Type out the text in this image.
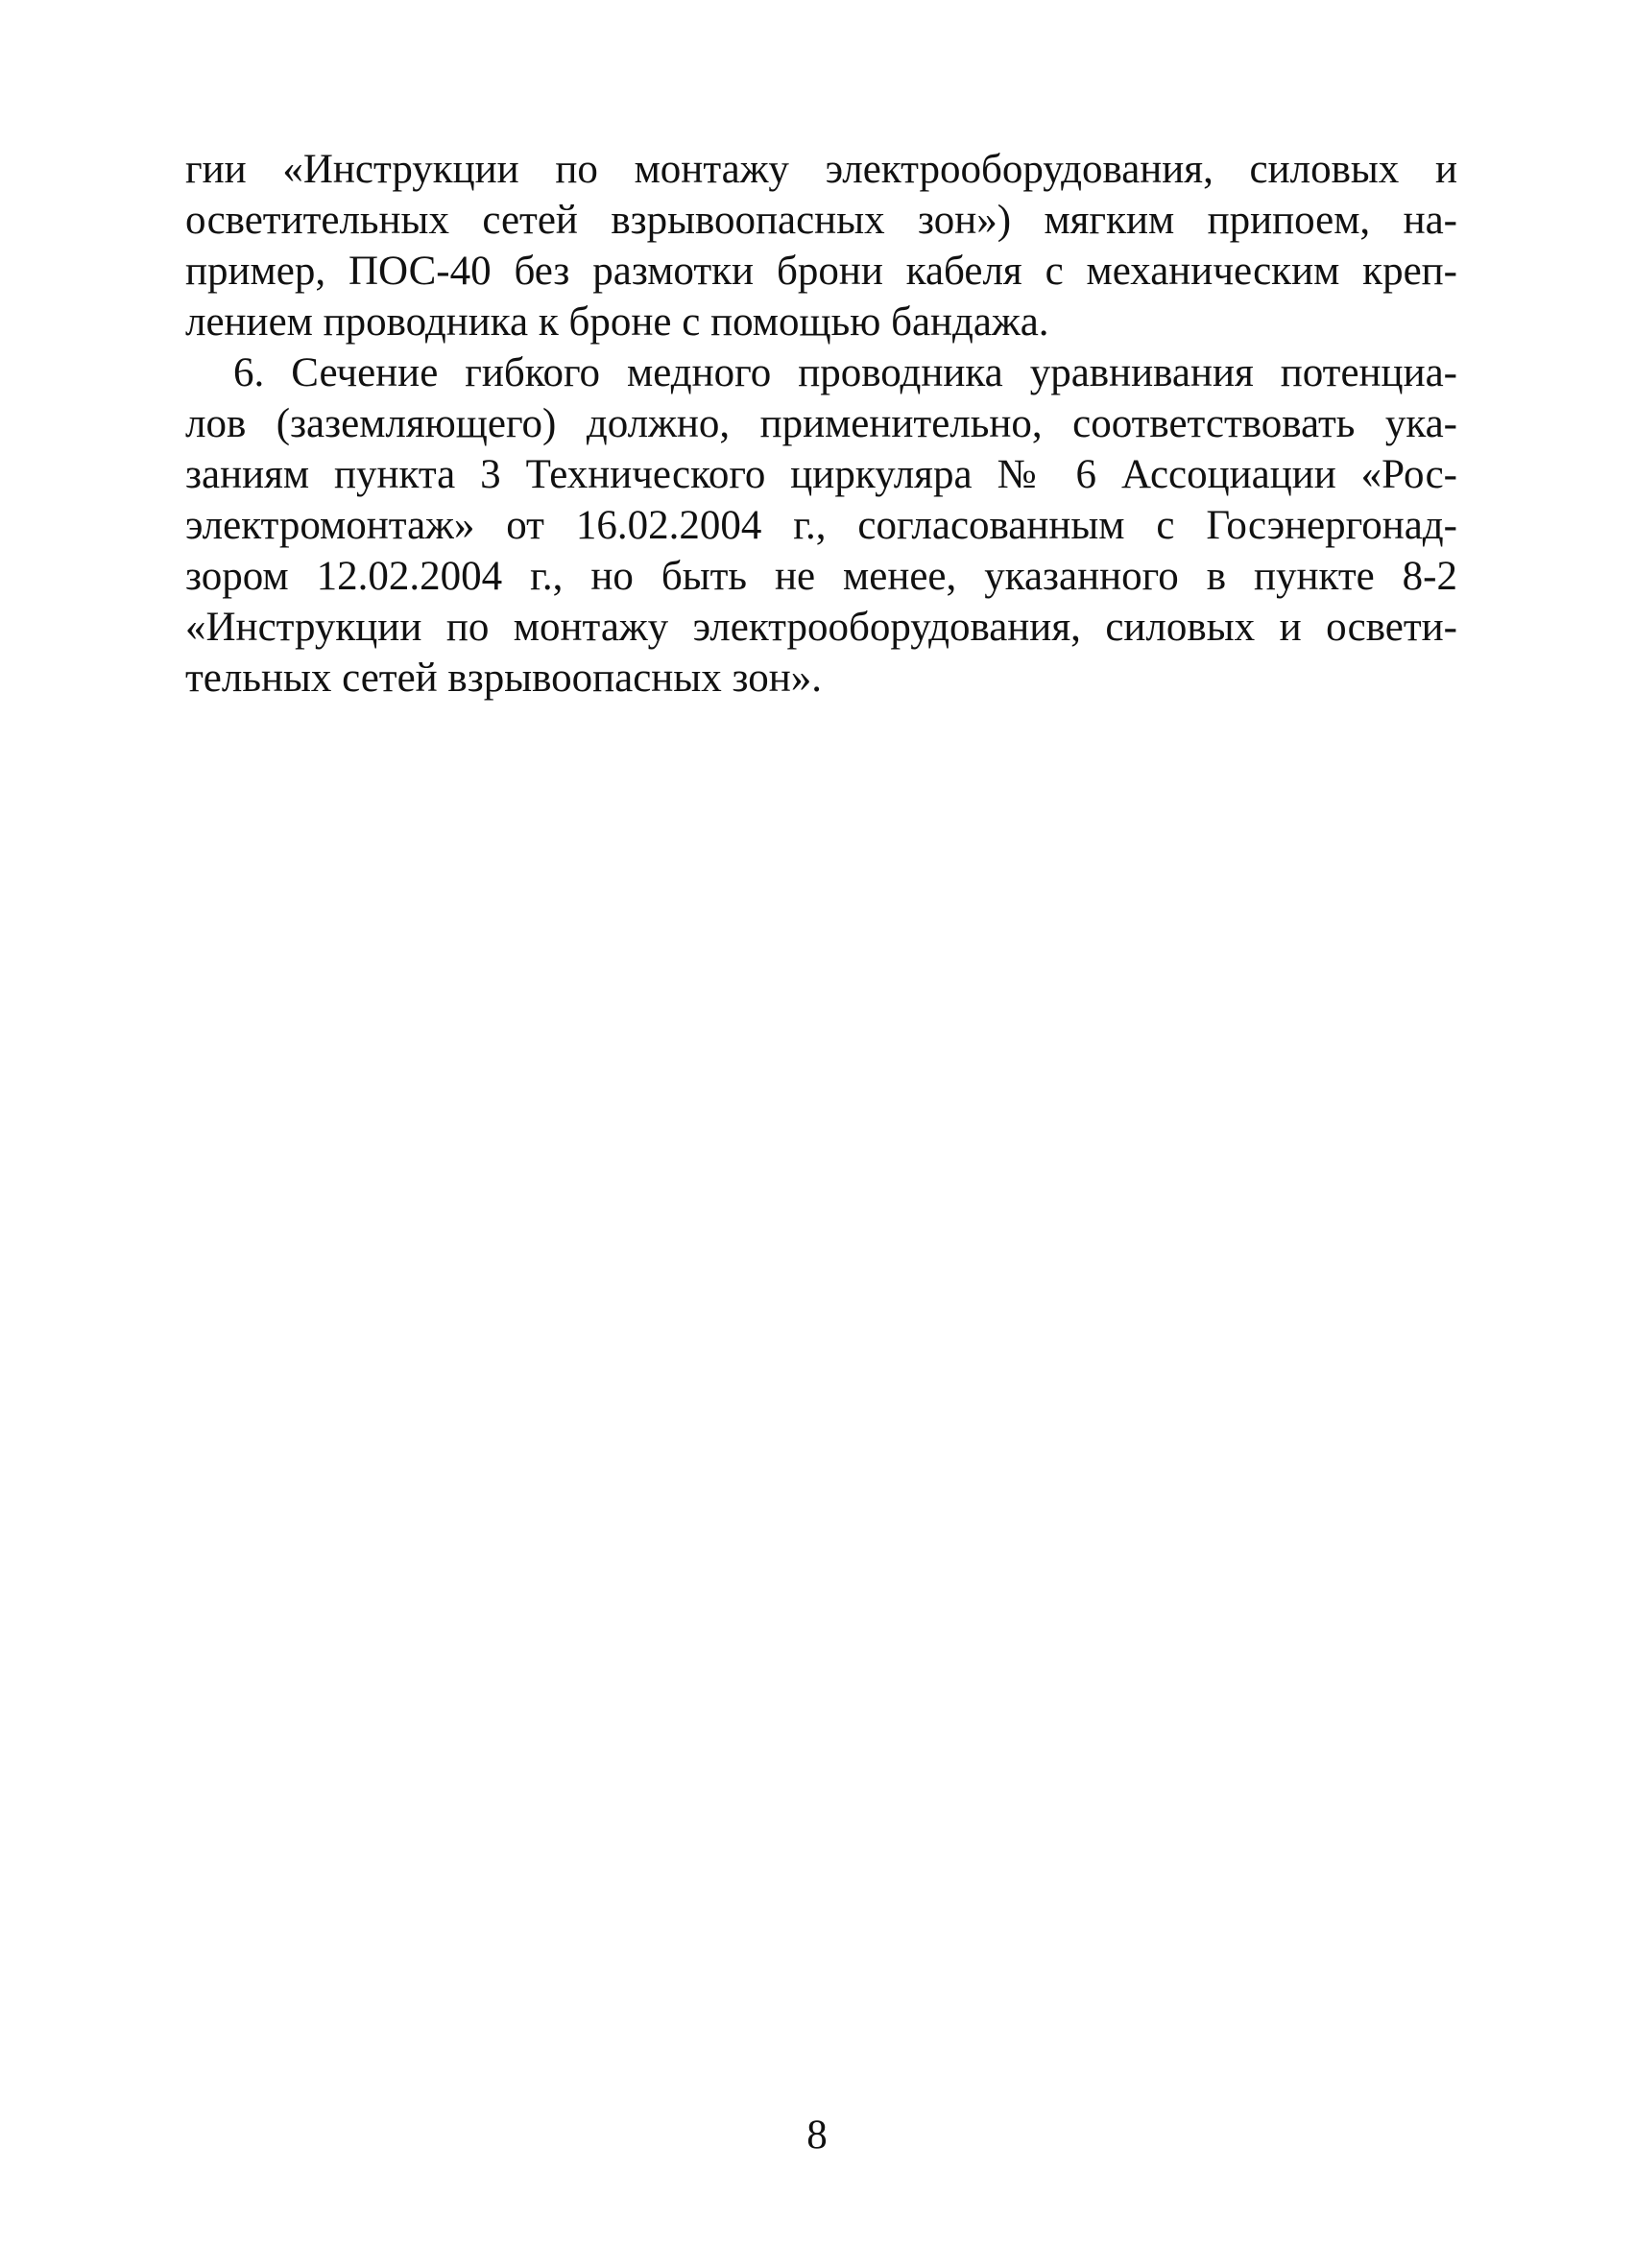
гии «Инструкции по монтажу электрооборудования, силовых и
осветительных сетей взрывоопасных зон») мягким припоем, на-
пример, ПОС-40 без размотки брони кабеля с механическим креп-
лением проводника к броне с помощью бандажа.
6. Сечение гибкого медного проводника уравнивания потенциа-
лов (заземляющего) должно, применительно, соответствовать ука-
заниям пункта 3 Технического циркуляра № 6 Ассоциации «Рос-
электромонтаж» от 16.02.2004 г., согласованным с Госэнергонад-
зором 12.02.2004 г., но быть не менее, указанного в пункте 8-2
«Инструкции по монтажу электрооборудования, силовых и освети-
тельных сетей взрывоопасных зон».
8
